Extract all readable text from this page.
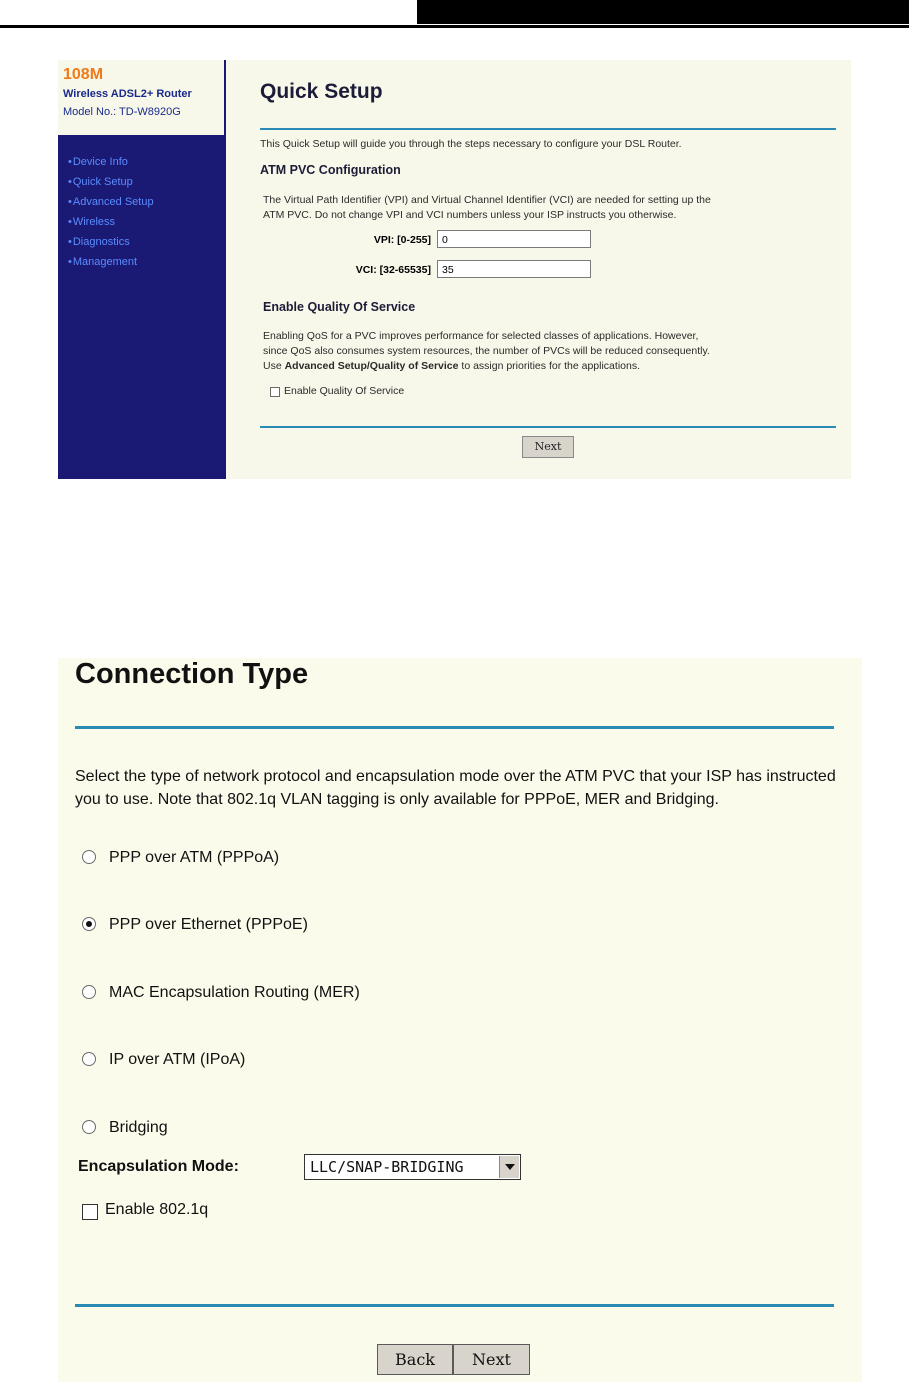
108M
Wireless ADSL2+ Router
Model No.: TD-W8920G
• Device Info
• Quick Setup
• Advanced Setup
• Wireless
• Diagnostics
• Management
Quick Setup
This Quick Setup will guide you through the steps necessary to configure your DSL Router.
ATM PVC Configuration
The Virtual Path Identifier (VPI) and Virtual Channel Identifier (VCI) are needed for setting up the
ATM PVC. Do not change VPI and VCI numbers unless your ISP instructs you otherwise.
VPI: [0-255]	0
VCI: [32-65535]	35
Enable Quality Of Service
Enabling QoS for a PVC improves performance for selected classes of applications. However,
since QoS also consumes system resources, the number of PVCs will be reduced consequently.
Use Advanced Setup/Quality of Service to assign priorities for the applications.
Enable Quality Of Service
Next
Connection Type
Select the type of network protocol and encapsulation mode over the ATM PVC that your ISP has instructed you to use. Note that 802.1q VLAN tagging is only available for PPPoE, MER and Bridging.
PPP over ATM (PPPoA)
PPP over Ethernet (PPPoE)
MAC Encapsulation Routing (MER)
IP over ATM (IPoA)
Bridging
Encapsulation Mode:	LLC/SNAP-BRIDGING
Enable 802.1q
Back	Next
